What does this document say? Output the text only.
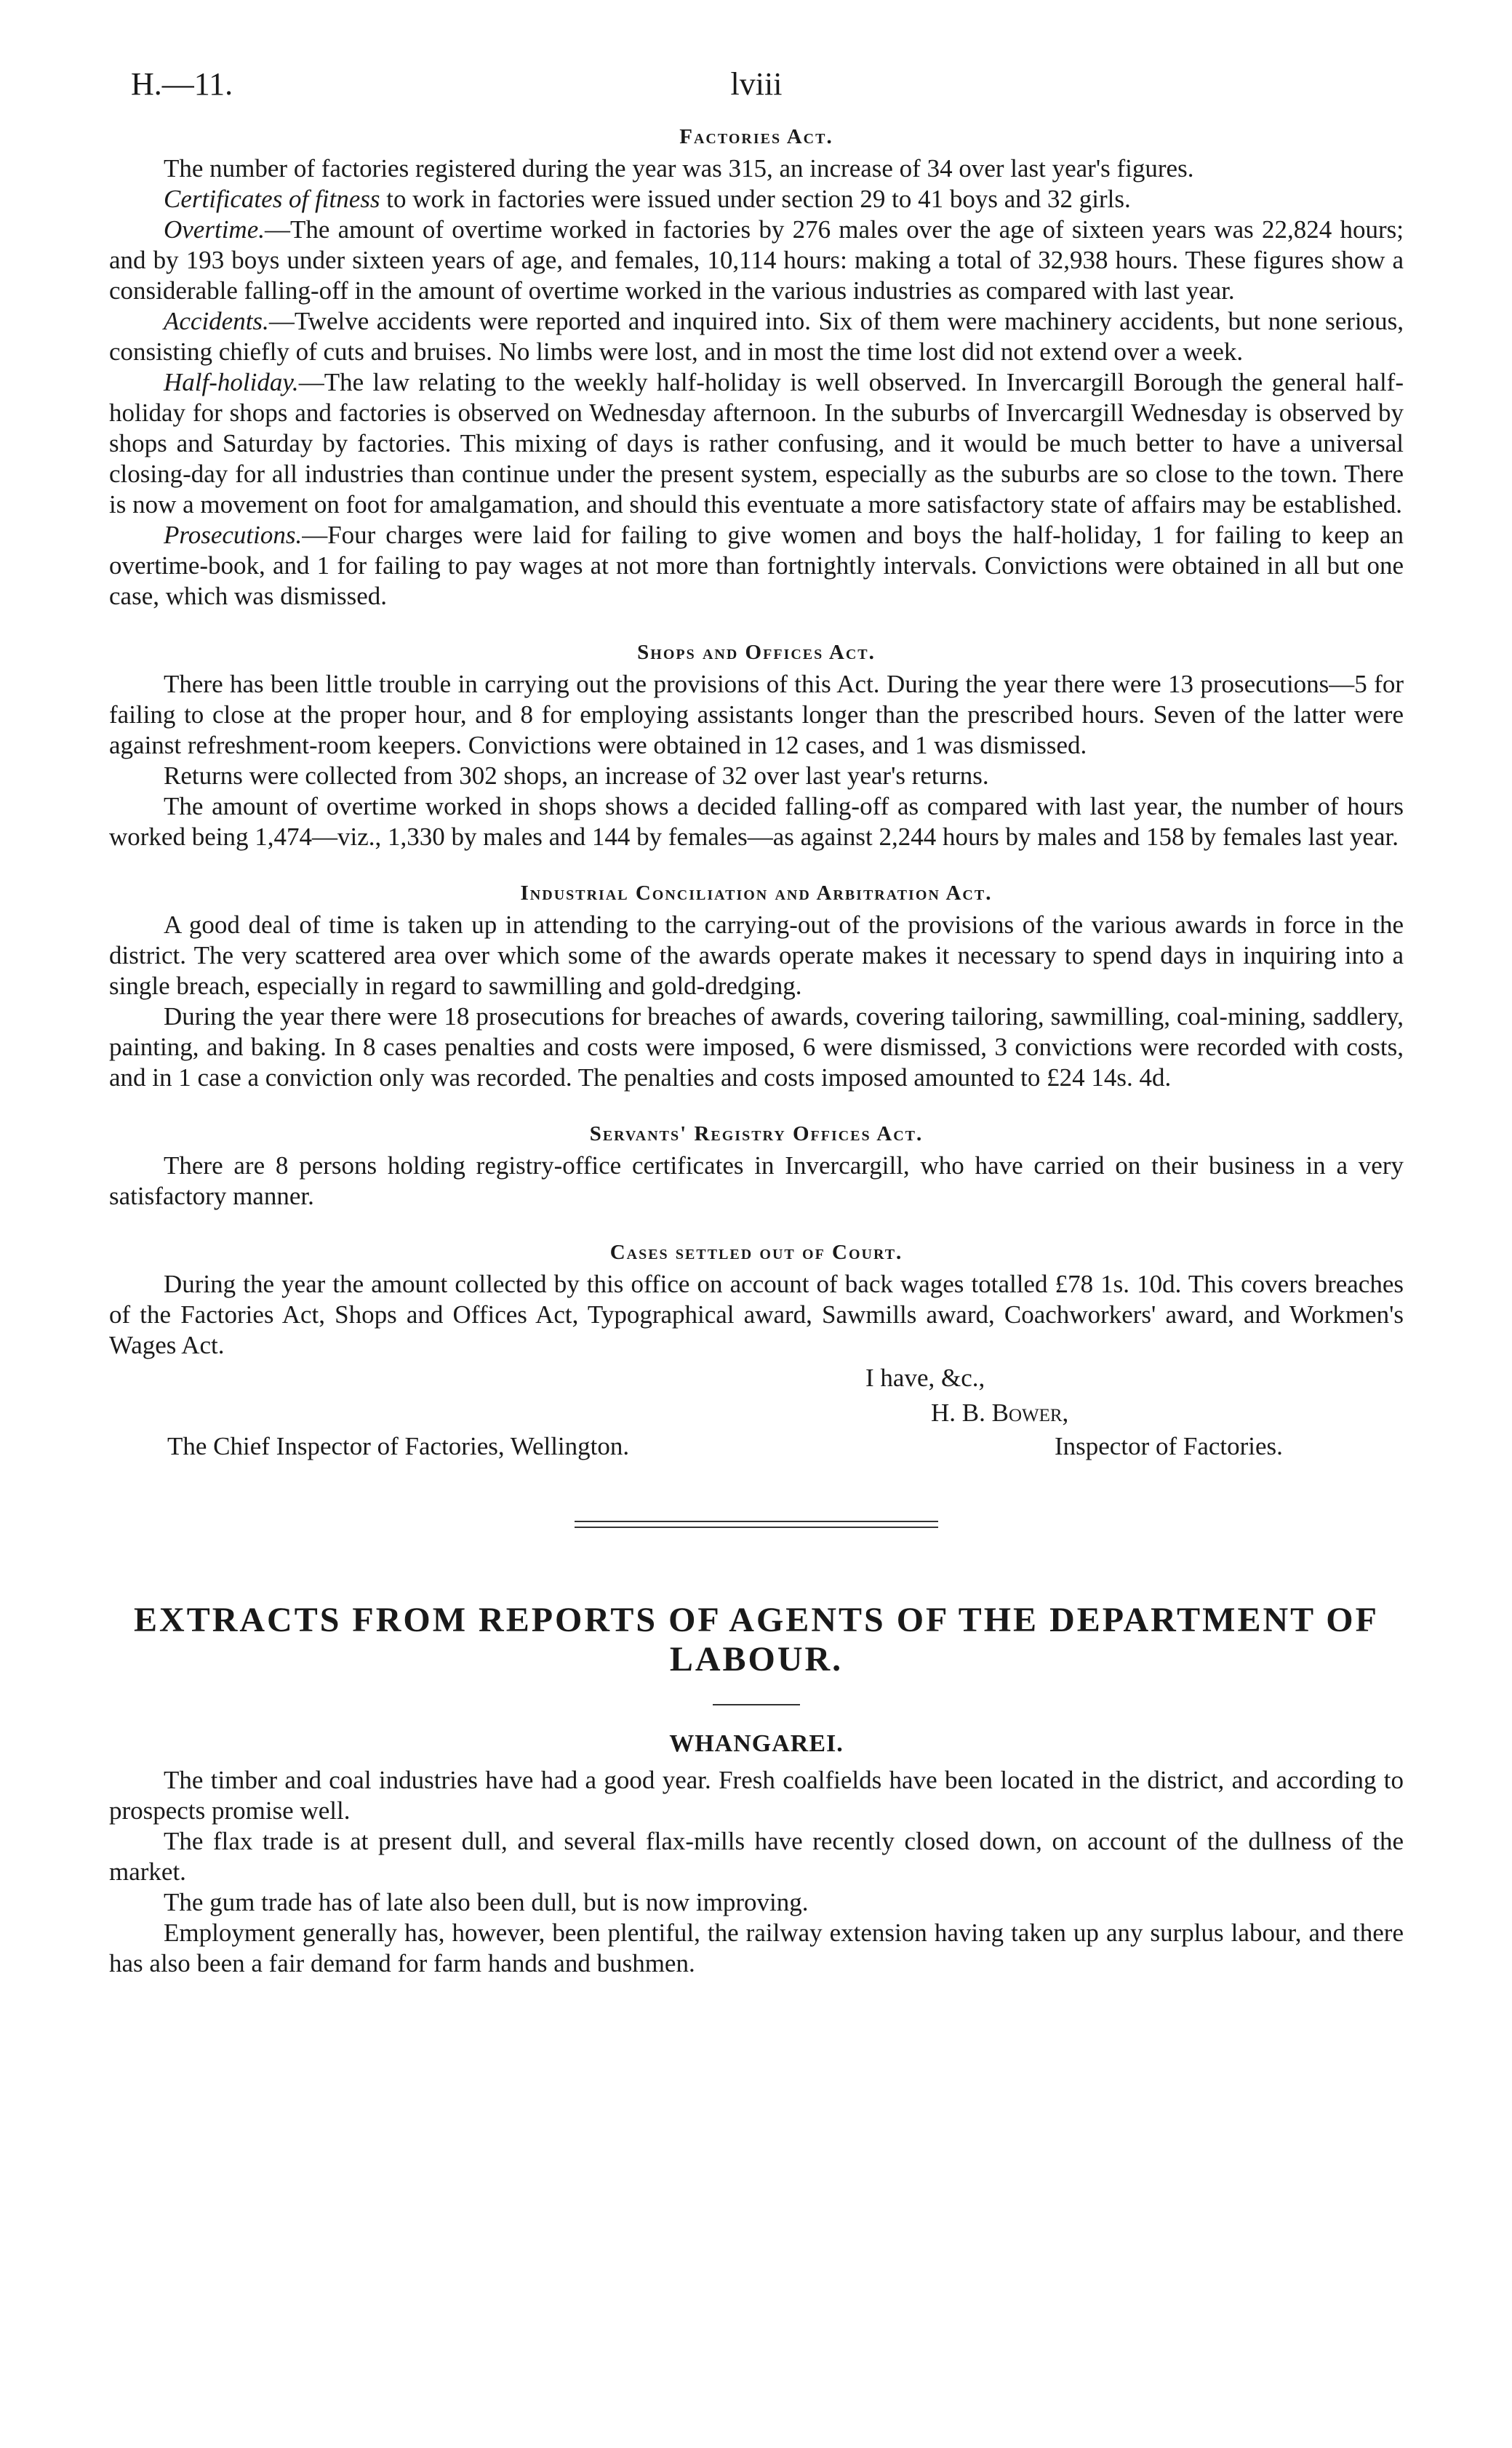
H.—11.	lviii
Factories Act.

The number of factories registered during the year was 315, an increase of 34 over last year's figures.

Certificates of fitness to work in factories were issued under section 29 to 41 boys and 32 girls.

Overtime.—The amount of overtime worked in factories by 276 males over the age of sixteen years was 22,824 hours; and by 193 boys under sixteen years of age, and females, 10,114 hours: making a total of 32,938 hours. These figures show a considerable falling-off in the amount of overtime worked in the various industries as compared with last year.

Accidents.—Twelve accidents were reported and inquired into. Six of them were machinery accidents, but none serious, consisting chiefly of cuts and bruises. No limbs were lost, and in most the time lost did not extend over a week.

Half-holiday.—The law relating to the weekly half-holiday is well observed. In Invercargill Borough the general half-holiday for shops and factories is observed on Wednesday afternoon. In the suburbs of Invercargill Wednesday is observed by shops and Saturday by factories. This mixing of days is rather confusing, and it would be much better to have a universal closing-day for all industries than continue under the present system, especially as the suburbs are so close to the town. There is now a movement on foot for amalgamation, and should this eventuate a more satisfactory state of affairs may be established.

Prosecutions.—Four charges were laid for failing to give women and boys the half-holiday, 1 for failing to keep an overtime-book, and 1 for failing to pay wages at not more than fortnightly intervals. Convictions were obtained in all but one case, which was dismissed.

Shops and Offices Act.

There has been little trouble in carrying out the provisions of this Act. During the year there were 13 prosecutions—5 for failing to close at the proper hour, and 8 for employing assistants longer than the prescribed hours. Seven of the latter were against refreshment-room keepers. Convictions were obtained in 12 cases, and 1 was dismissed.

Returns were collected from 302 shops, an increase of 32 over last year's returns.

The amount of overtime worked in shops shows a decided falling-off as compared with last year, the number of hours worked being 1,474—viz., 1,330 by males and 144 by females—as against 2,244 hours by males and 158 by females last year.

Industrial Conciliation and Arbitration Act.

A good deal of time is taken up in attending to the carrying-out of the provisions of the various awards in force in the district. The very scattered area over which some of the awards operate makes it necessary to spend days in inquiring into a single breach, especially in regard to sawmilling and gold-dredging.

During the year there were 18 prosecutions for breaches of awards, covering tailoring, sawmilling, coal-mining, saddlery, painting, and baking. In 8 cases penalties and costs were imposed, 6 were dismissed, 3 convictions were recorded with costs, and in 1 case a conviction only was recorded. The penalties and costs imposed amounted to £24 14s. 4d.

Servants' Registry Offices Act.

There are 8 persons holding registry-office certificates in Invercargill, who have carried on their business in a very satisfactory manner.

Cases settled out of Court.

During the year the amount collected by this office on account of back wages totalled £78 1s. 10d. This covers breaches of the Factories Act, Shops and Offices Act, Typographical award, Sawmills award, Coachworkers' award, and Workmen's Wages Act.

I have, &c.,
H. B. Bower,
The Chief Inspector of Factories, Wellington.	Inspector of Factories.
EXTRACTS FROM REPORTS OF AGENTS OF THE DEPARTMENT OF LABOUR.
WHANGAREI.

The timber and coal industries have had a good year. Fresh coalfields have been located in the district, and according to prospects promise well.

The flax trade is at present dull, and several flax-mills have recently closed down, on account of the dullness of the market.

The gum trade has of late also been dull, but is now improving.

Employment generally has, however, been plentiful, the railway extension having taken up any surplus labour, and there has also been a fair demand for farm hands and bushmen.
